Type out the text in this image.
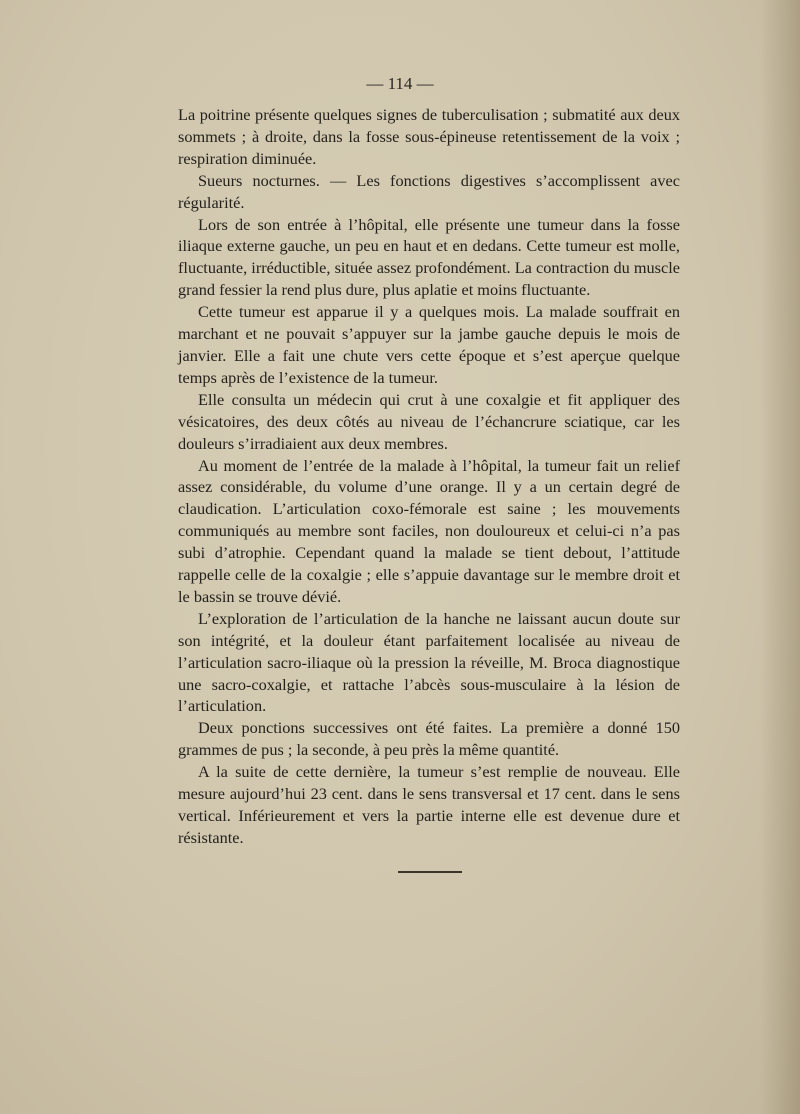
— 114 —

La poitrine présente quelques signes de tuberculisation ; submatité aux deux sommets ; à droite, dans la fosse sous-épineuse retentissement de la voix ; respiration diminuée.

Sueurs nocturnes. — Les fonctions digestives s’accomplissent avec régularité.

Lors de son entrée à l’hôpital, elle présente une tumeur dans la fosse iliaque externe gauche, un peu en haut et en dedans. Cette tumeur est molle, fluctuante, irréductible, située assez profondément. La contraction du muscle grand fessier la rend plus dure, plus aplatie et moins fluctuante.

Cette tumeur est apparue il y a quelques mois. La malade souffrait en marchant et ne pouvait s’appuyer sur la jambe gauche depuis le mois de janvier. Elle a fait une chute vers cette époque et s’est aperçue quelque temps après de l’existence de la tumeur.

Elle consulta un médecin qui crut à une coxalgie et fit appliquer des vésicatoires, des deux côtés au niveau de l’échancrure sciatique, car les douleurs s’irradiaient aux deux membres.

Au moment de l’entrée de la malade à l’hôpital, la tumeur fait un relief assez considérable, du volume d’une orange. Il y a un certain degré de claudication. L’articulation coxo-fémorale est saine ; les mouvements communiqués au membre sont faciles, non douloureux et celui-ci n’a pas subi d’atrophie. Cependant quand la malade se tient debout, l’attitude rappelle celle de la coxalgie ; elle s’appuie davantage sur le membre droit et le bassin se trouve dévié.

L’exploration de l’articulation de la hanche ne laissant aucun doute sur son intégrité, et la douleur étant parfaitement localisée au niveau de l’articulation sacro-iliaque où la pression la réveille, M. Broca diagnostique une sacro-coxalgie, et rattache l’abcès sous-musculaire à la lésion de l’articulation.

Deux ponctions successives ont été faites. La première a donné 150 grammes de pus ; la seconde, à peu près la même quantité.

A la suite de cette dernière, la tumeur s’est remplie de nouveau. Elle mesure aujourd’hui 23 cent. dans le sens transversal et 17 cent. dans le sens vertical. Inférieurement et vers la partie interne elle est devenue dure et résistante.
